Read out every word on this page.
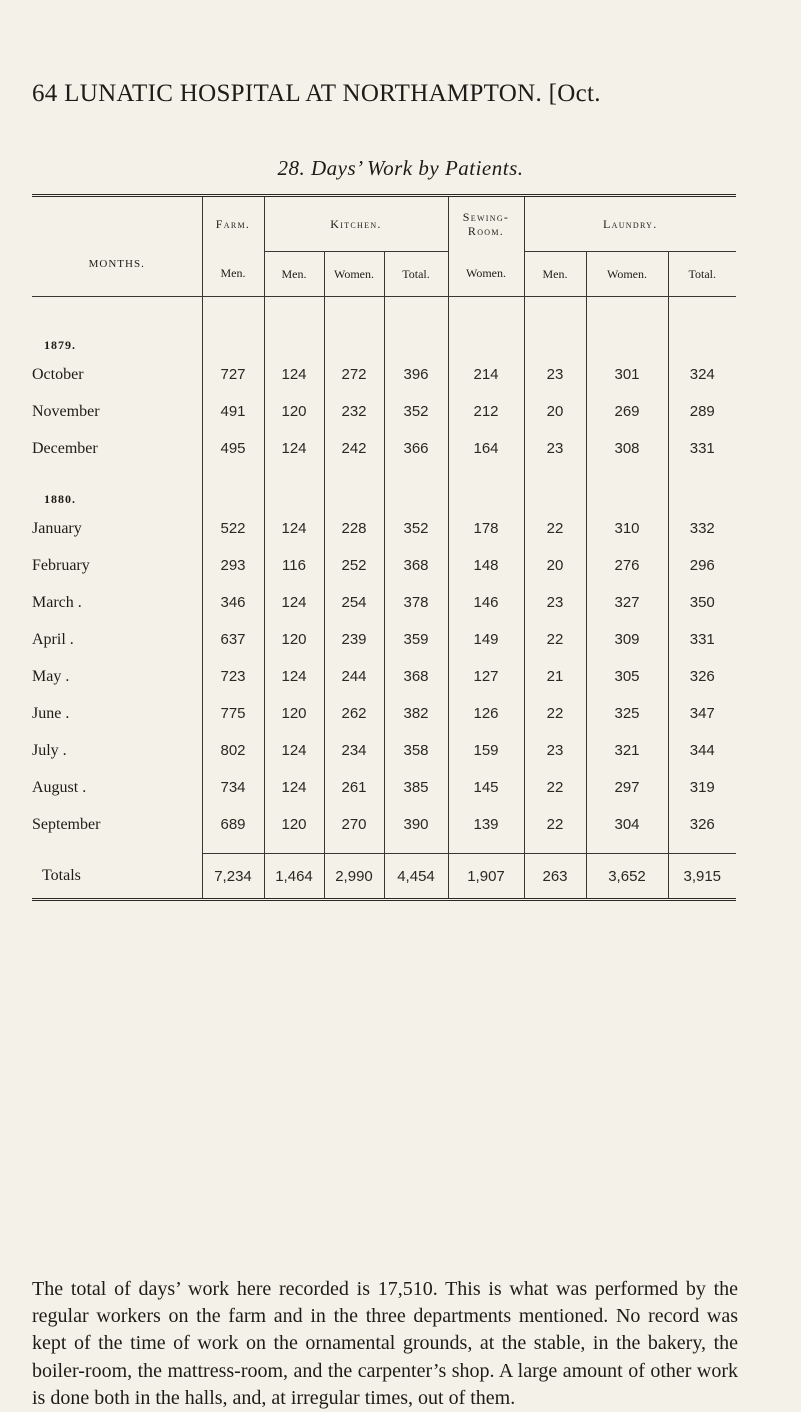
64 LUNATIC HOSPITAL AT NORTHAMPTON. [Oct.
28. Days’ Work by Patients.
MONTHS.	Farm.	Kitchen.			Sewing-Room.	Laundry.		
	Men.	Men.	Women.	Total.	Women.	Men.	Women.	Total.

1879.								
October	727	124	272	396	214	23	301	324
November	491	120	232	352	212	20	269	289
December	495	124	242	366	164	23	308	331
1880.								
January	522	124	228	352	178	22	310	332
February	293	116	252	368	148	20	276	296
March .	346	124	254	378	146	23	327	350
April .	637	120	239	359	149	22	309	331
May .	723	124	244	368	127	21	305	326
June .	775	120	262	382	126	22	325	347
July .	802	124	234	358	159	23	321	344
August .	734	124	261	385	145	22	297	319
September	689	120	270	390	139	22	304	326

Totals	7,234	1,464	2,990	4,454	1,907	263	3,652	3,915

The total of days’ work here recorded is 17,510. This is what was performed by the regular workers on the farm and in the three departments mentioned. No record was kept of the time of work on the ornamental grounds, at the stable, in the bakery, the boiler-room, the mattress-room, and the carpenter’s shop. A large amount of other work is done both in the halls, and, at irregular times, out of them.
